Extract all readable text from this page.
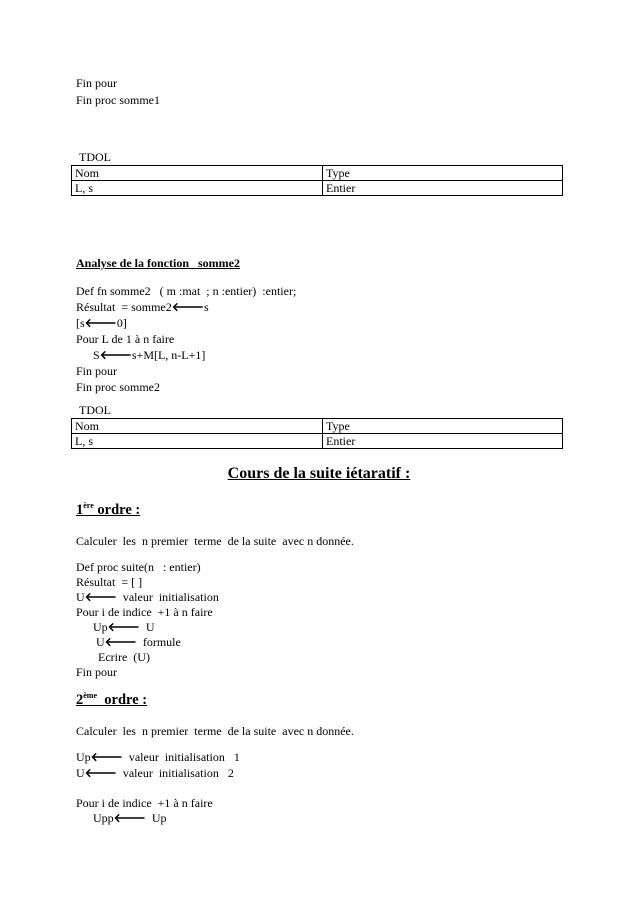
Fin pour
Fin proc somme1
TDOL
Nom	Type
L, s	Entier
Analyse de la fonction   somme2
Def fn somme2   ( m :mat  ; n :entier)  :entier;
Résultat  = somme2🡐s
[s🡐0]
Pour L de 1 à n faire
S🡐s+M[L, n-L+1]
Fin pour
Fin proc somme2
TDOL
Nom	Type
L, s	Entier
Cours de la suite iétaratif :
1ère ordre :
Calculer  les  n premier  terme  de la suite  avec n donnée.
Def proc suite(n   : entier)
Résultat  = [ ]
U🡐  valeur  initialisation
Pour i de indice  +1 à n faire
Up🡐  U
U🡐  formule
Ecrire  (U)
Fin pour
2ème  ordre :
Calculer  les  n premier  terme  de la suite  avec n donnée.
Up🡐  valeur  initialisation   1
U🡐  valeur  initialisation   2
Pour i de indice  +1 à n faire
Upp🡐  Up
